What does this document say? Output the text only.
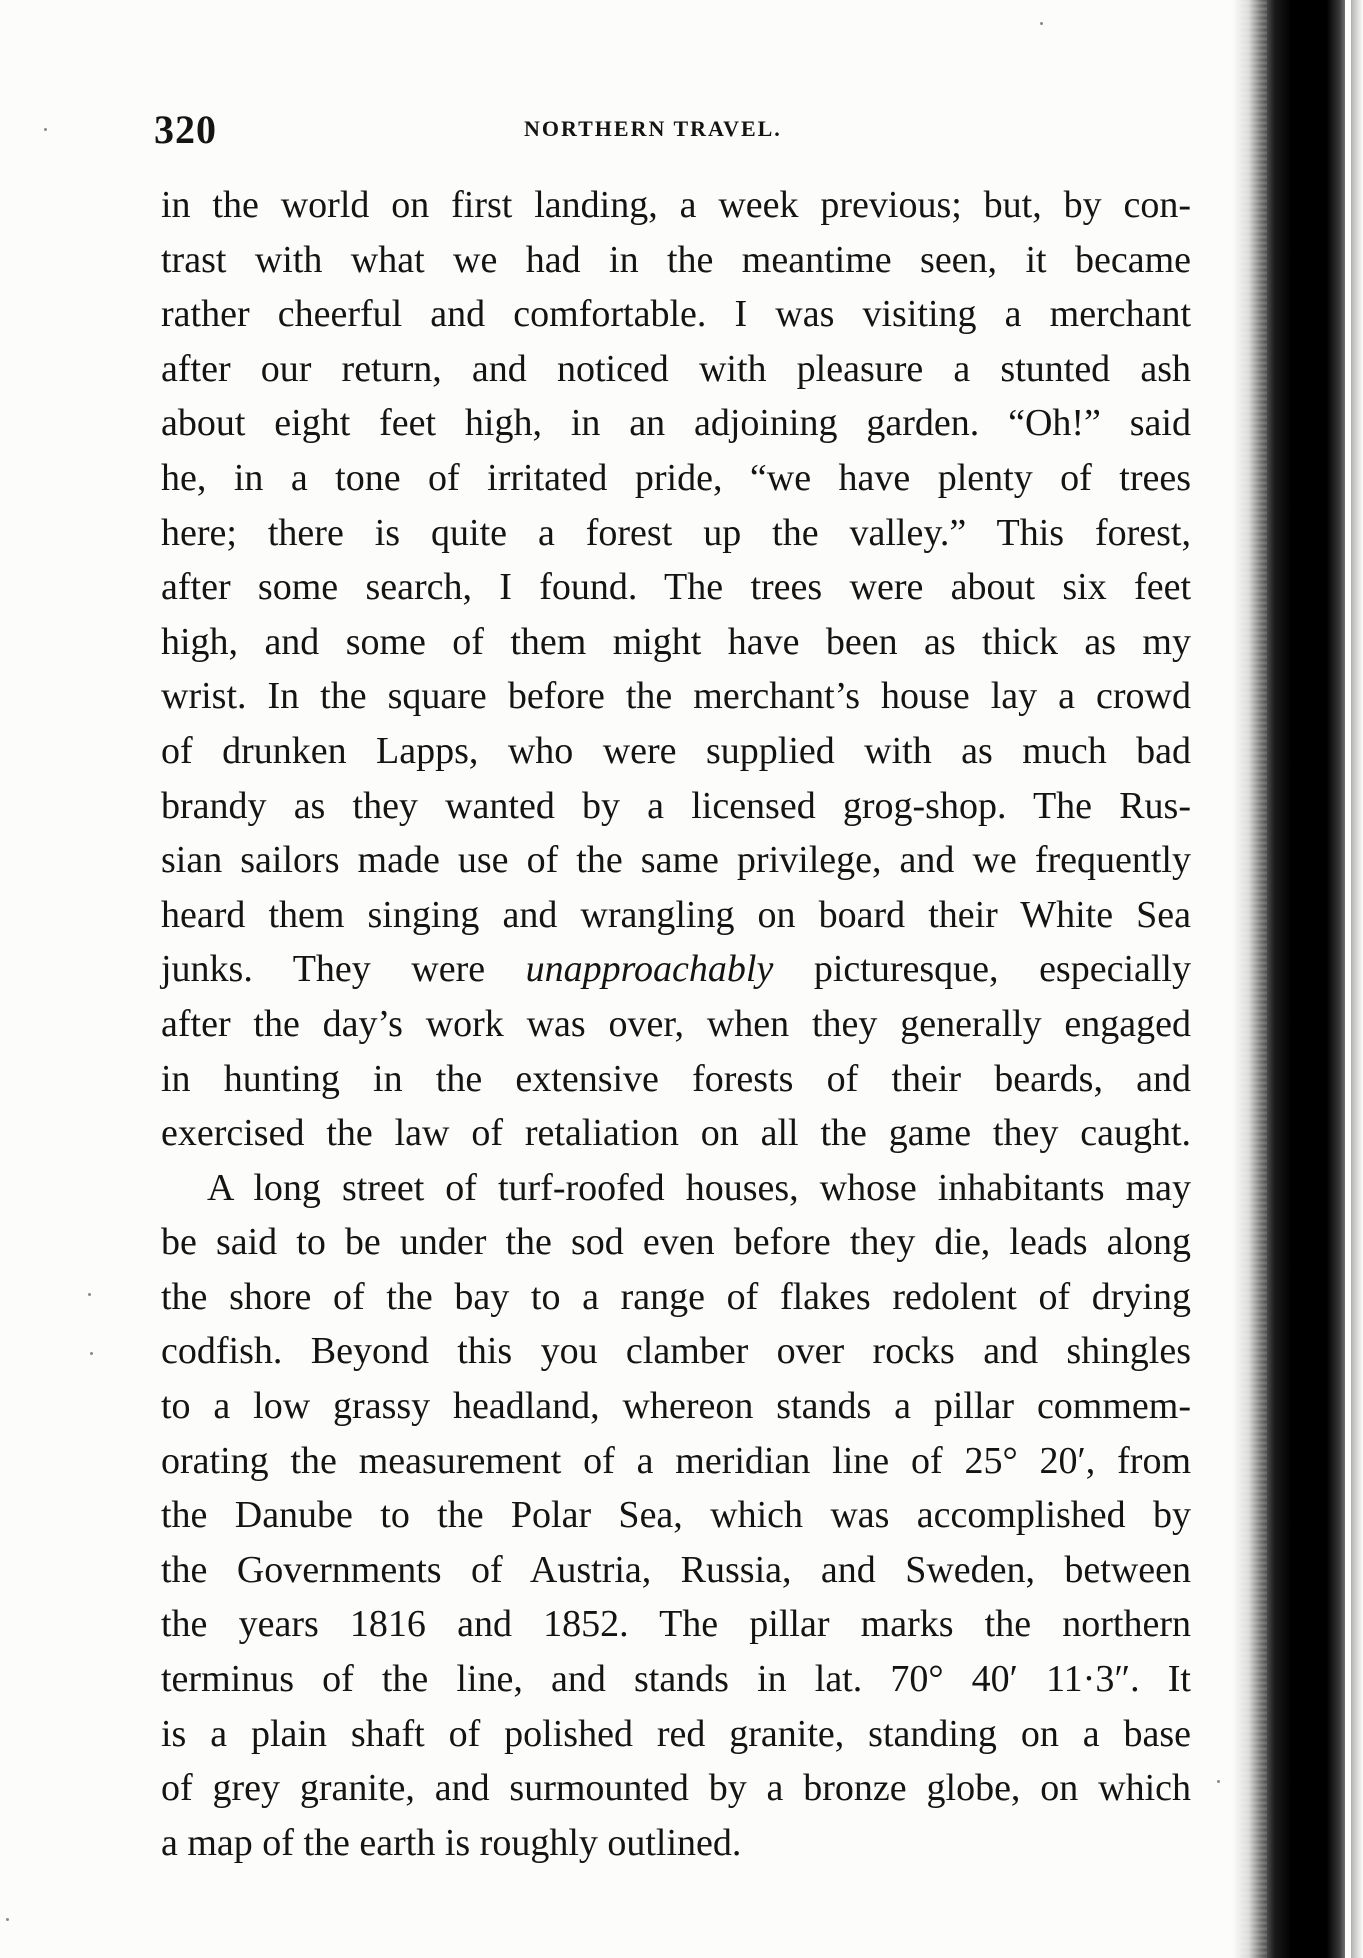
320	NORTHERN TRAVEL.

in the world on first landing, a week previous; but, by con-
trast with what we had in the meantime seen, it became
rather cheerful and comfortable. I was visiting a merchant
after our return, and noticed with pleasure a stunted ash
about eight feet high, in an adjoining garden. “Oh!” said
he, in a tone of irritated pride, “we have plenty of trees
here; there is quite a forest up the valley.” This forest,
after some search, I found. The trees were about six feet
high, and some of them might have been as thick as my
wrist. In the square before the merchant’s house lay a crowd
of drunken Lapps, who were supplied with as much bad
brandy as they wanted by a licensed grog-shop. The Rus-
sian sailors made use of the same privilege, and we frequently
heard them singing and wrangling on board their White Sea
junks. They were unapproachably picturesque, especially
after the day’s work was over, when they generally engaged
in hunting in the extensive forests of their beards, and
exercised the law of retaliation on all the game they caught.

A long street of turf-roofed houses, whose inhabitants may
be said to be under the sod even before they die, leads along
the shore of the bay to a range of flakes redolent of drying
codfish. Beyond this you clamber over rocks and shingles
to a low grassy headland, whereon stands a pillar commem-
orating the measurement of a meridian line of 25° 20′, from
the Danube to the Polar Sea, which was accomplished by
the Governments of Austria, Russia, and Sweden, between
the years 1816 and 1852. The pillar marks the northern
terminus of the line, and stands in lat. 70° 40′ 11·3″. It
is a plain shaft of polished red granite, standing on a base
of grey granite, and surmounted by a bronze globe, on which
a map of the earth is roughly outlined.
